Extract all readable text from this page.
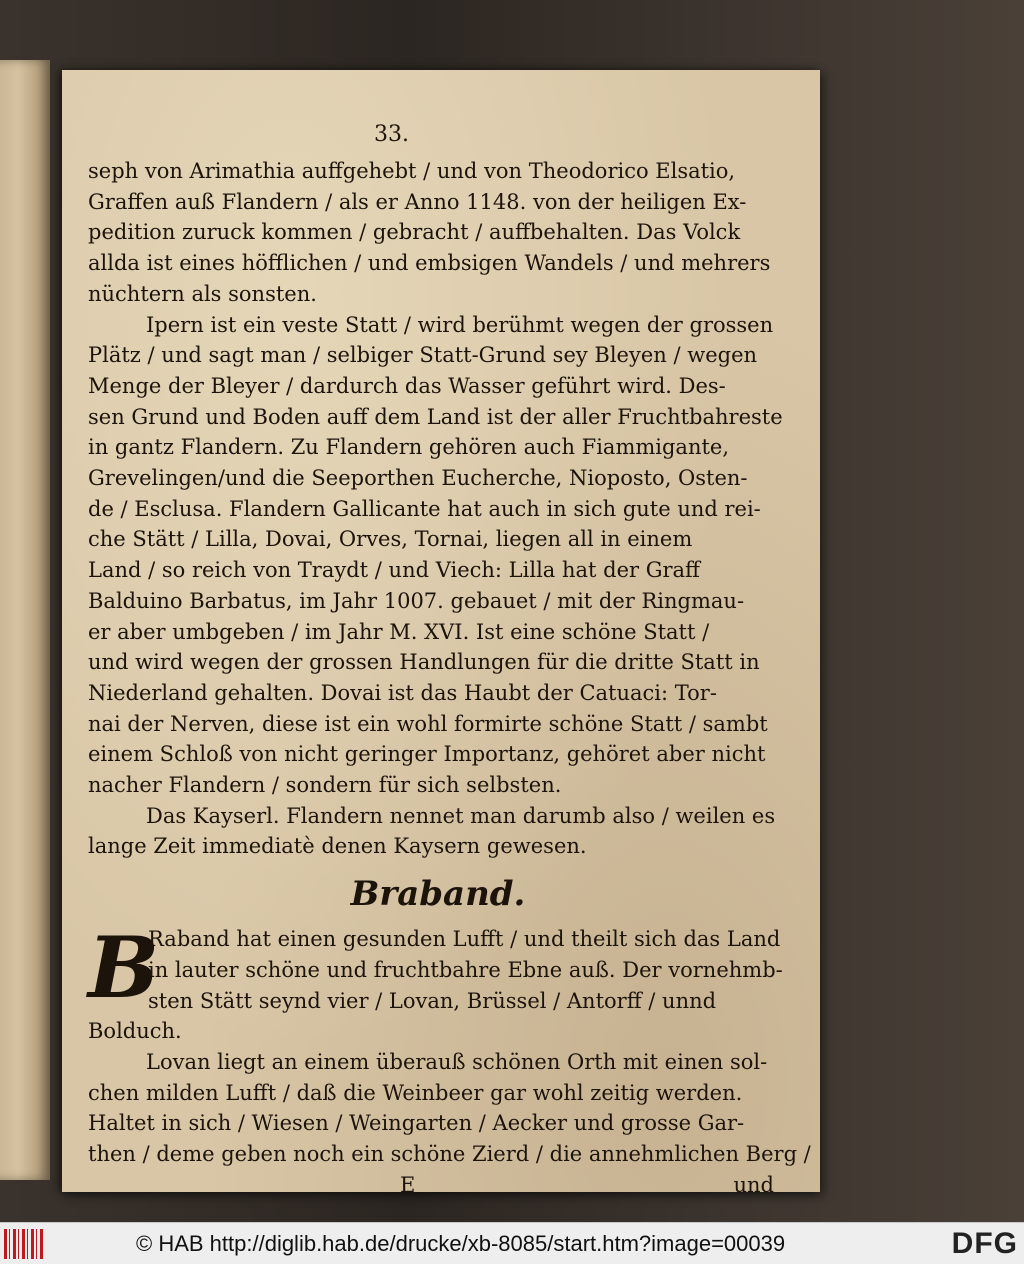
33.
seph von Arimathia auffgehebt / und von Theodorico Elsatio,
Graffen auß Flandern / als er Anno 1148. von der heiligen Ex-
pedition zuruck kommen / gebracht / auffbehalten. Das Volck
allda ist eines höfflichen / und embsigen Wandels / und mehrers
nüchtern als sonsten.
Ipern ist ein veste Statt / wird berühmt wegen der grossen
Plätz / und sagt man / selbiger Statt-Grund sey Bleyen / wegen
Menge der Bleyer / dardurch das Wasser geführt wird. Des-
sen Grund und Boden auff dem Land ist der aller Fruchtbahreste
in gantz Flandern. Zu Flandern gehören auch Fiammigante,
Grevelingen/und die Seeporthen Eucherche, Nioposto, Osten-
de / Esclusa. Flandern Gallicante hat auch in sich gute und rei-
che Stätt / Lilla, Dovai, Orves, Tornai, liegen all in einem
Land / so reich von Traydt / und Viech: Lilla hat der Graff
Balduino Barbatus, im Jahr 1007. gebauet / mit der Ringmau-
er aber umbgeben / im Jahr M. XVI. Ist eine schöne Statt /
und wird wegen der grossen Handlungen für die dritte Statt in
Niederland gehalten. Dovai ist das Haubt der Catuaci: Tor-
nai der Nerven, diese ist ein wohl formirte schöne Statt / sambt
einem Schloß von nicht geringer Importanz, gehöret aber nicht
nacher Flandern / sondern für sich selbsten.
Das Kayserl. Flandern nennet man darumb also / weilen es
lange Zeit immediatè denen Kaysern gewesen.
Braband.
B
Raband hat einen gesunden Lufft / und theilt sich das Land
in lauter schöne und fruchtbahre Ebne auß. Der vornehmb-
sten Stätt seynd vier / Lovan, Brüssel / Antorff / unnd
Bolduch.
Lovan liegt an einem überauß schönen Orth mit einen sol-
chen milden Lufft / daß die Weinbeer gar wohl zeitig werden.
Haltet in sich / Wiesen / Weingarten / Aecker und grosse Gar-
then / deme geben noch ein schöne Zierd / die annehmlichen Berg /
E	und
© HAB http://diglib.hab.de/drucke/xb-8085/start.htm?image=00039	DFG
